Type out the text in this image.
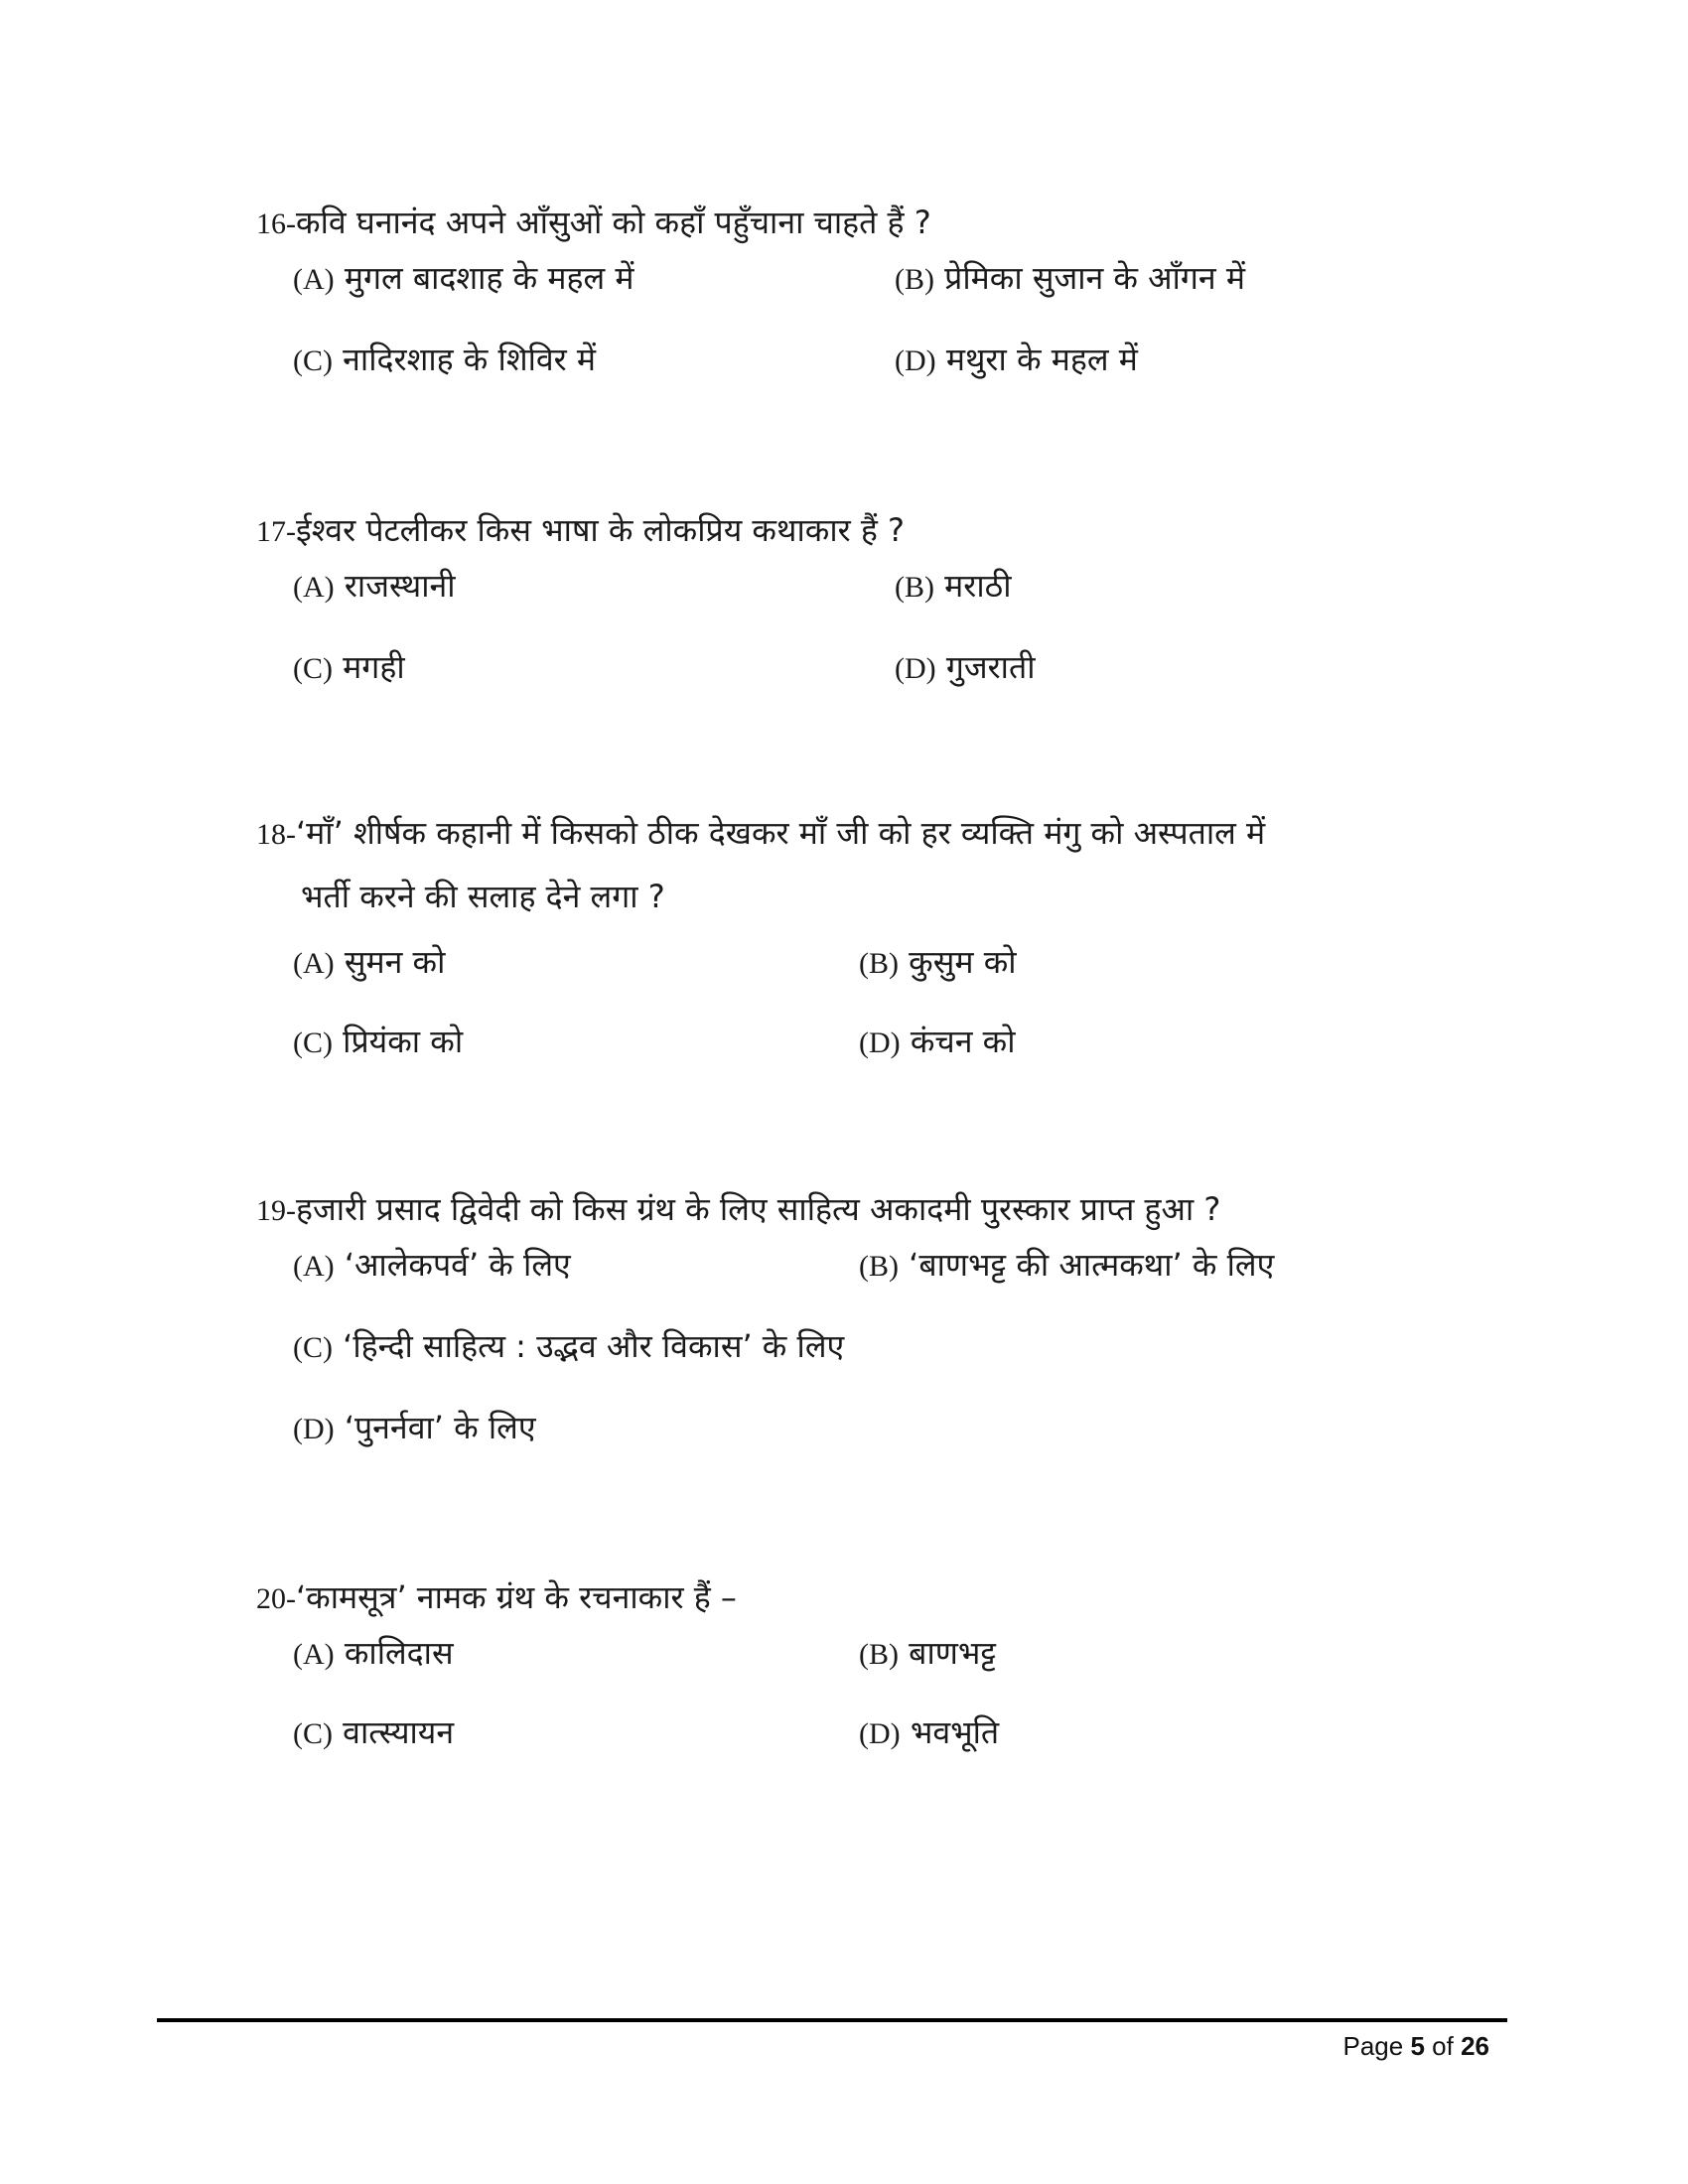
16-कवि घनानंद अपने आँसुओं को कहाँ पहुँचाना चाहते हैं ?
(A) मुगल बादशाह के महल में	(B) प्रेमिका सुजान के आँगन में
(C) नादिरशाह के शिविर में	(D) मथुरा के महल में
17-ईश्वर पेटलीकर किस भाषा के लोकप्रिय कथाकार हैं ?
(A) राजस्थानी	(B) मराठी
(C) मगही	(D) गुजराती
18-‘माँ’ शीर्षक कहानी में किसको ठीक देखकर माँ जी को हर व्यक्ति मंगु को अस्पताल में
भर्ती करने की सलाह देने लगा ?
(A) सुमन को	(B) कुसुम को
(C) प्रियंका को	(D) कंचन को
19-हजारी प्रसाद द्विवेदी को किस ग्रंथ के लिए साहित्य अकादमी पुरस्कार प्राप्त हुआ ?
(A) ‘आलेकपर्व’ के लिए	(B) ‘बाणभट्ट की आत्मकथा’ के लिए
(C) ‘हिन्दी साहित्य : उद्भव और विकास’ के लिए
(D) ‘पुनर्नवा’ के लिए
20-‘कामसूत्र’ नामक ग्रंथ के रचनाकार हैं –
(A) कालिदास	(B) बाणभट्ट
(C) वात्स्यायन	(D) भवभूति
Page 5 of 26
